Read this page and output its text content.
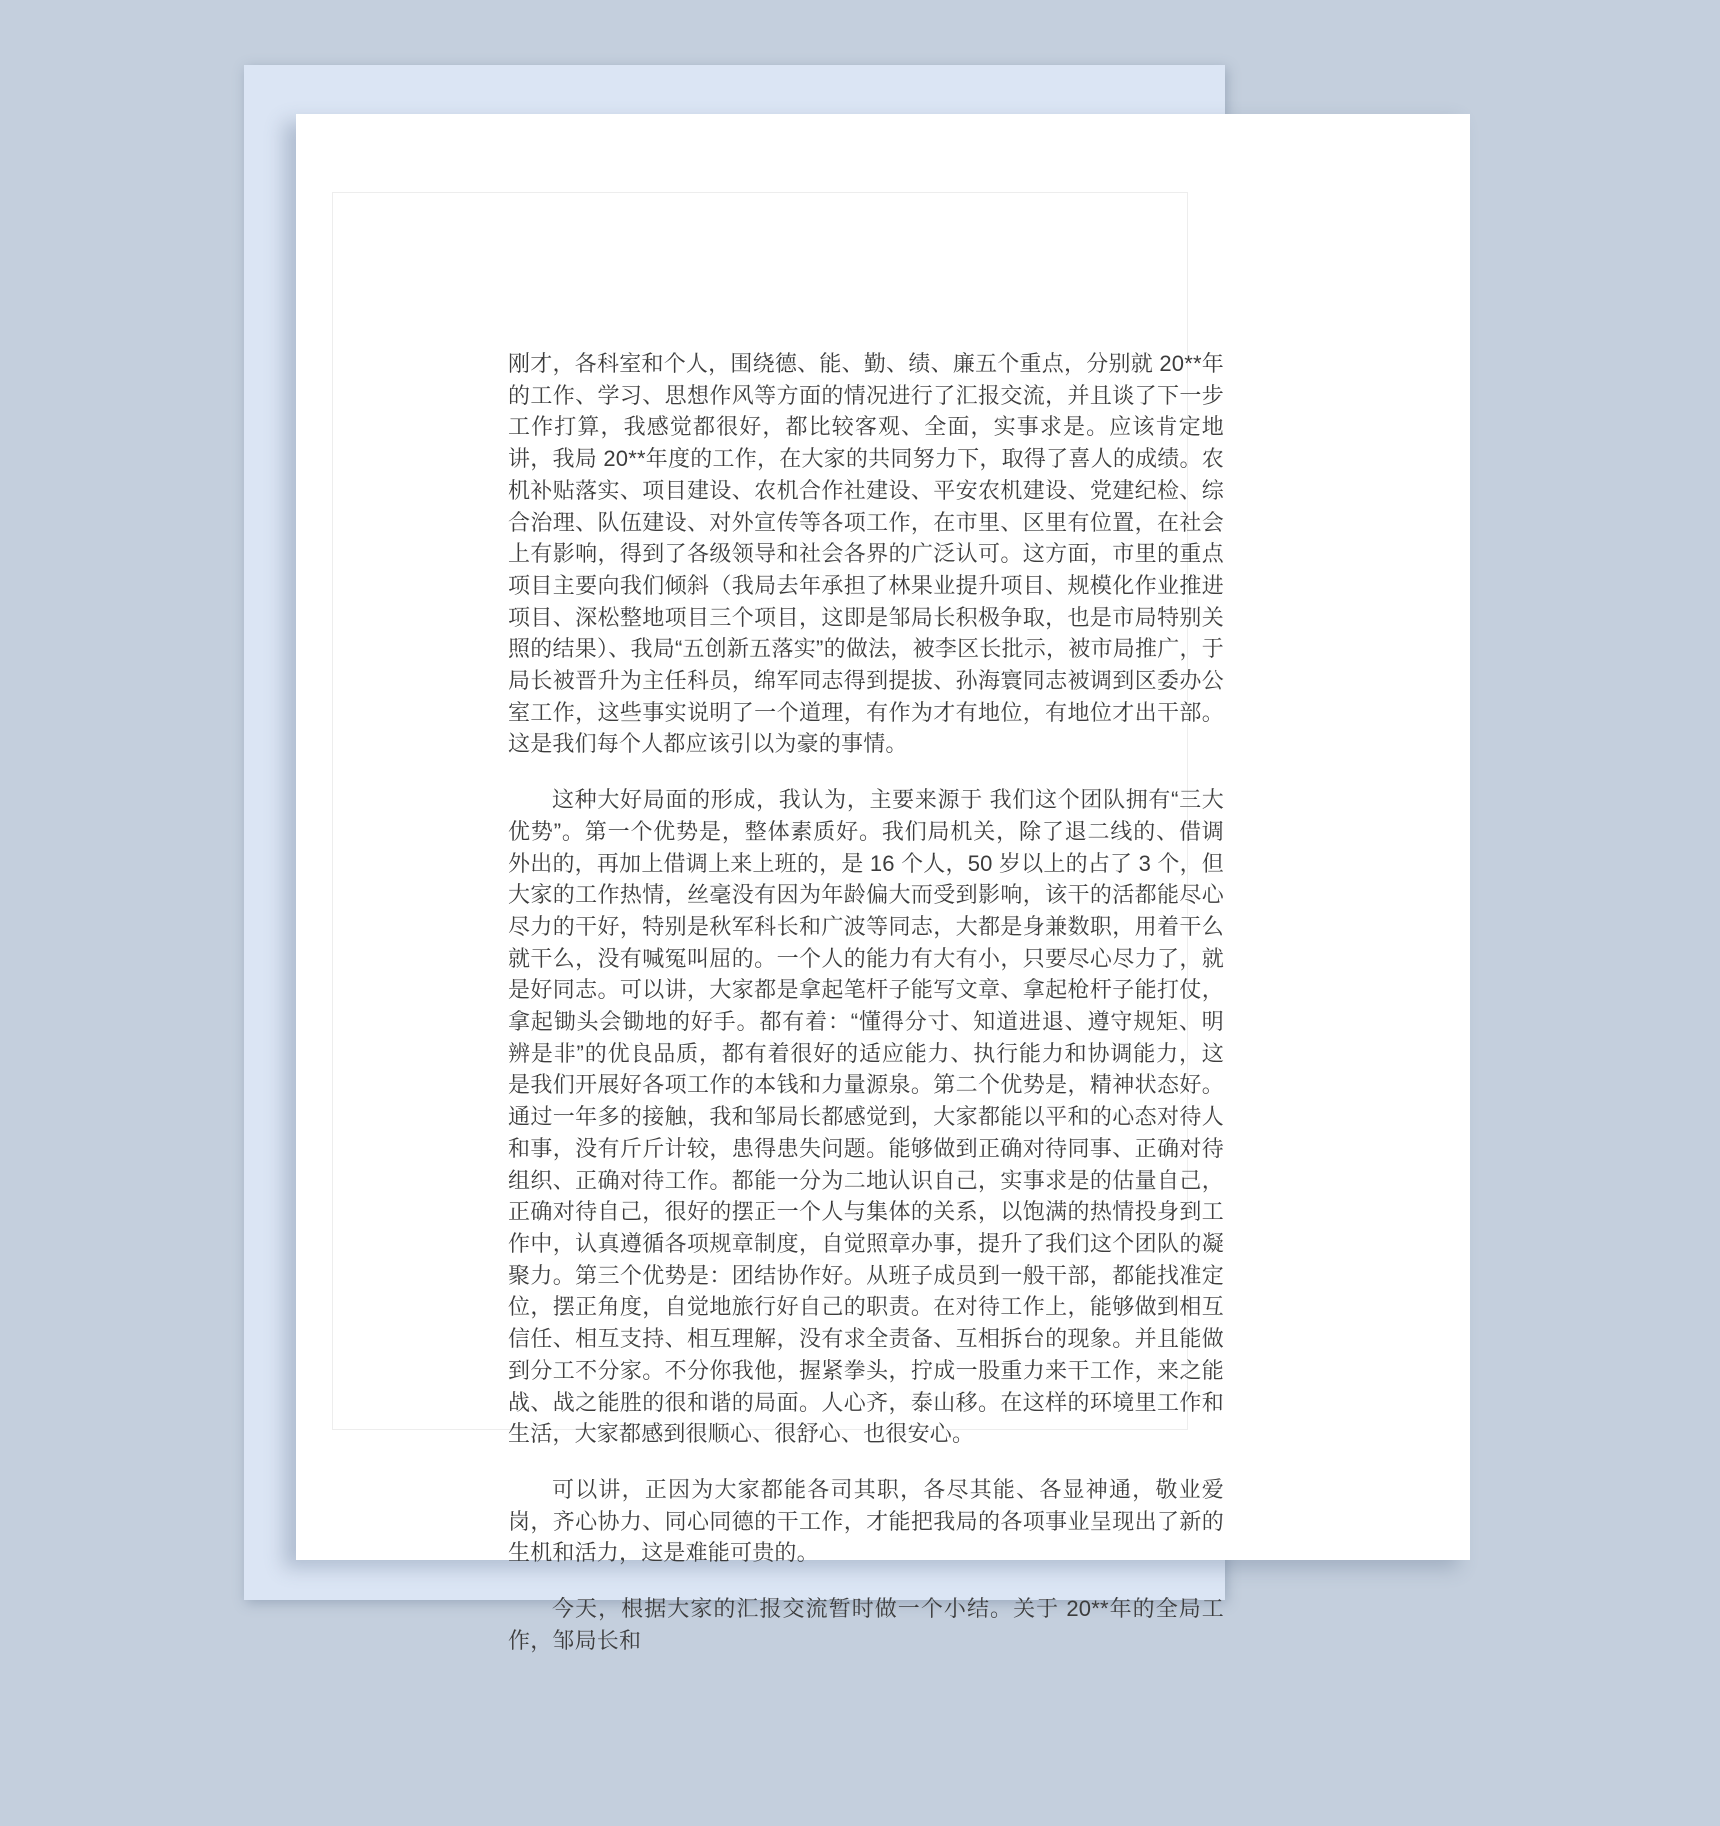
刚才，各科室和个人，围绕德、能、勤、绩、廉五个重点，分别就 20**年的工作、学习、思想作风等方面的情况进行了汇报交流，并且谈了下一步工作打算，我感觉都很好，都比较客观、全面，实事求是。应该肯定地讲，我局 20**年度的工作，在大家的共同努力下，取得了喜人的成绩。农机补贴落实、项目建设、农机合作社建设、平安农机建设、党建纪检、综合治理、队伍建设、对外宣传等各项工作，在市里、区里有位置，在社会上有影响，得到了各级领导和社会各界的广泛认可。这方面，市里的重点项目主要向我们倾斜（我局去年承担了林果业提升项目、规模化作业推进项目、深松整地项目三个项目，这即是邹局长积极争取，也是市局特别关照的结果）、我局“五创新五落实”的做法，被李区长批示，被市局推广，于局长被晋升为主任科员，绵军同志得到提拔、孙海寰同志被调到区委办公室工作，这些事实说明了一个道理，有作为才有地位，有地位才出干部。这是我们每个人都应该引以为豪的事情。

这种大好局面的形成，我认为，主要来源于 我们这个团队拥有“三大优势”。第一个优势是，整体素质好。我们局机关，除了退二线的、借调外出的，再加上借调上来上班的，是 16 个人，50 岁以上的占了 3 个，但大家的工作热情，丝毫没有因为年龄偏大而受到影响，该干的活都能尽心尽力的干好，特别是秋军科长和广波等同志，大都是身兼数职，用着干么就干么，没有喊冤叫屈的。一个人的能力有大有小，只要尽心尽力了，就是好同志。可以讲，大家都是拿起笔杆子能写文章、拿起枪杆子能打仗，拿起锄头会锄地的好手。都有着：“懂得分寸、知道进退、遵守规矩、明辨是非”的优良品质，都有着很好的适应能力、执行能力和协调能力，这是我们开展好各项工作的本钱和力量源泉。第二个优势是，精神状态好。通过一年多的接触，我和邹局长都感觉到，大家都能以平和的心态对待人和事，没有斤斤计较，患得患失问题。能够做到正确对待同事、正确对待组织、正确对待工作。都能一分为二地认识自己，实事求是的估量自己，正确对待自己，很好的摆正一个人与集体的关系，以饱满的热情投身到工作中，认真遵循各项规章制度，自觉照章办事，提升了我们这个团队的凝聚力。第三个优势是：团结协作好。从班子成员到一般干部，都能找准定位，摆正角度，自觉地旅行好自己的职责。在对待工作上，能够做到相互信任、相互支持、相互理解，没有求全责备、互相拆台的现象。并且能做到分工不分家。不分你我他，握紧拳头，拧成一股重力来干工作，来之能战、战之能胜的很和谐的局面。人心齐，泰山移。在这样的环境里工作和生活，大家都感到很顺心、很舒心、也很安心。

可以讲，正因为大家都能各司其职，各尽其能、各显神通，敬业爱岗，齐心协力、同心同德的干工作，才能把我局的各项事业呈现出了新的生机和活力，这是难能可贵的。

今天，根据大家的汇报交流暂时做一个小结。关于 20**年的全局工作，邹局长和
